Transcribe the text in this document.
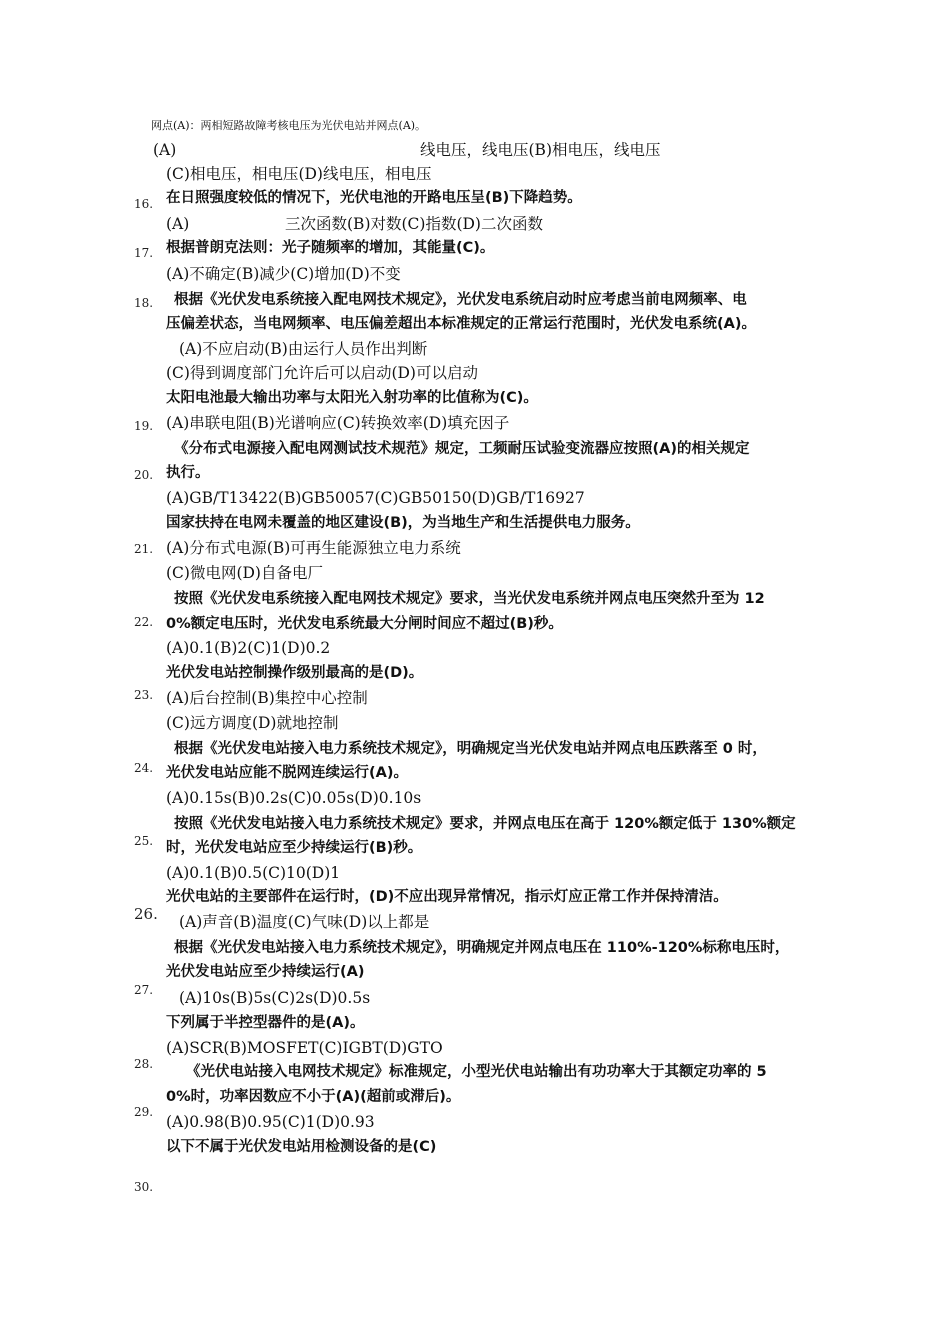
网点(A)：两相短路故障考核电压为光伏电站并网点(A)。
(A)	线电压，线电压(B)相电压，线电压
(C)相电压，相电压(D)线电压，相电压
16. 在日照强度较低的情况下，光伏电池的开路电压呈(B)下降趋势。
(A)	三次函数(B)对数(C)指数(D)二次函数
17. 根据普朗克法则：光子随频率的增加，其能量(C)。
(A)不确定(B)减少(C)增加(D)不变
18. 根据《光伏发电系统接入配电网技术规定》，光伏发电系统启动时应考虑当前电网频率、电
压偏差状态，当电网频率、电压偏差超出本标准规定的正常运行范围时，光伏发电系统(A)。
(A)不应启动(B)由运行人员作出判断
(C)得到调度部门允许后可以启动(D)可以启动
19.
太阳电池最大输出功率与太阳光入射功率的比值称为(C)。
(A)串联电阻(B)光谱响应(C)转换效率(D)填充因子
20.
《分布式电源接入配电网测试技术规范》规定，工频耐压试验变流器应按照(A)的相关规定
执行。
(A)GB/T13422(B)GB50057(C)GB50150(D)GB/T16927
21.
国家扶持在电网未覆盖的地区建设(B)，为当地生产和生活提供电力服务。
(A)分布式电源(B)可再生能源独立电力系统
(C)微电网(D)自备电厂
22.
按照《光伏发电系统接入配电网技术规定》要求，当光伏发电系统并网点电压突然升至为 12
0%额定电压时，光伏发电系统最大分闸时间应不超过(B)秒。
(A)0.1(B)2(C)1(D)0.2
23.
光伏发电站控制操作级别最高的是(D)。
(A)后台控制(B)集控中心控制
(C)远方调度(D)就地控制
24.
根据《光伏发电站接入电力系统技术规定》，明确规定当光伏发电站并网点电压跌落至 0 时，
光伏发电站应能不脱网连续运行(A)。
(A)0.15s(B)0.2s(C)0.05s(D)0.10s
25.
按照《光伏发电站接入电力系统技术规定》要求，并网点电压在高于 120%额定低于 130%额定
时，光伏发电站应至少持续运行(B)秒。
(A)0.1(B)0.5(C)10(D)1
26.
光伏电站的主要部件在运行时，(D)不应出现异常情况，指示灯应正常工作并保持清洁。
(A)声音(B)温度(C)气味(D)以上都是
27.
根据《光伏发电站接入电力系统技术规定》，明确规定并网点电压在 110%-120%标称电压时，
光伏发电站应至少持续运行(A)
(A)10s(B)5s(C)2s(D)0.5s
28.
下列属于半控型器件的是(A)。
(A)SCR(B)MOSFET(C)IGBT(D)GTO
29.
《光伏电站接入电网技术规定》标准规定，小型光伏电站输出有功功率大于其额定功率的 5
0%时，功率因数应不小于(A)(超前或滞后)。
(A)0.98(B)0.95(C)1(D)0.93
30.
以下不属于光伏发电站用检测设备的是(C)
